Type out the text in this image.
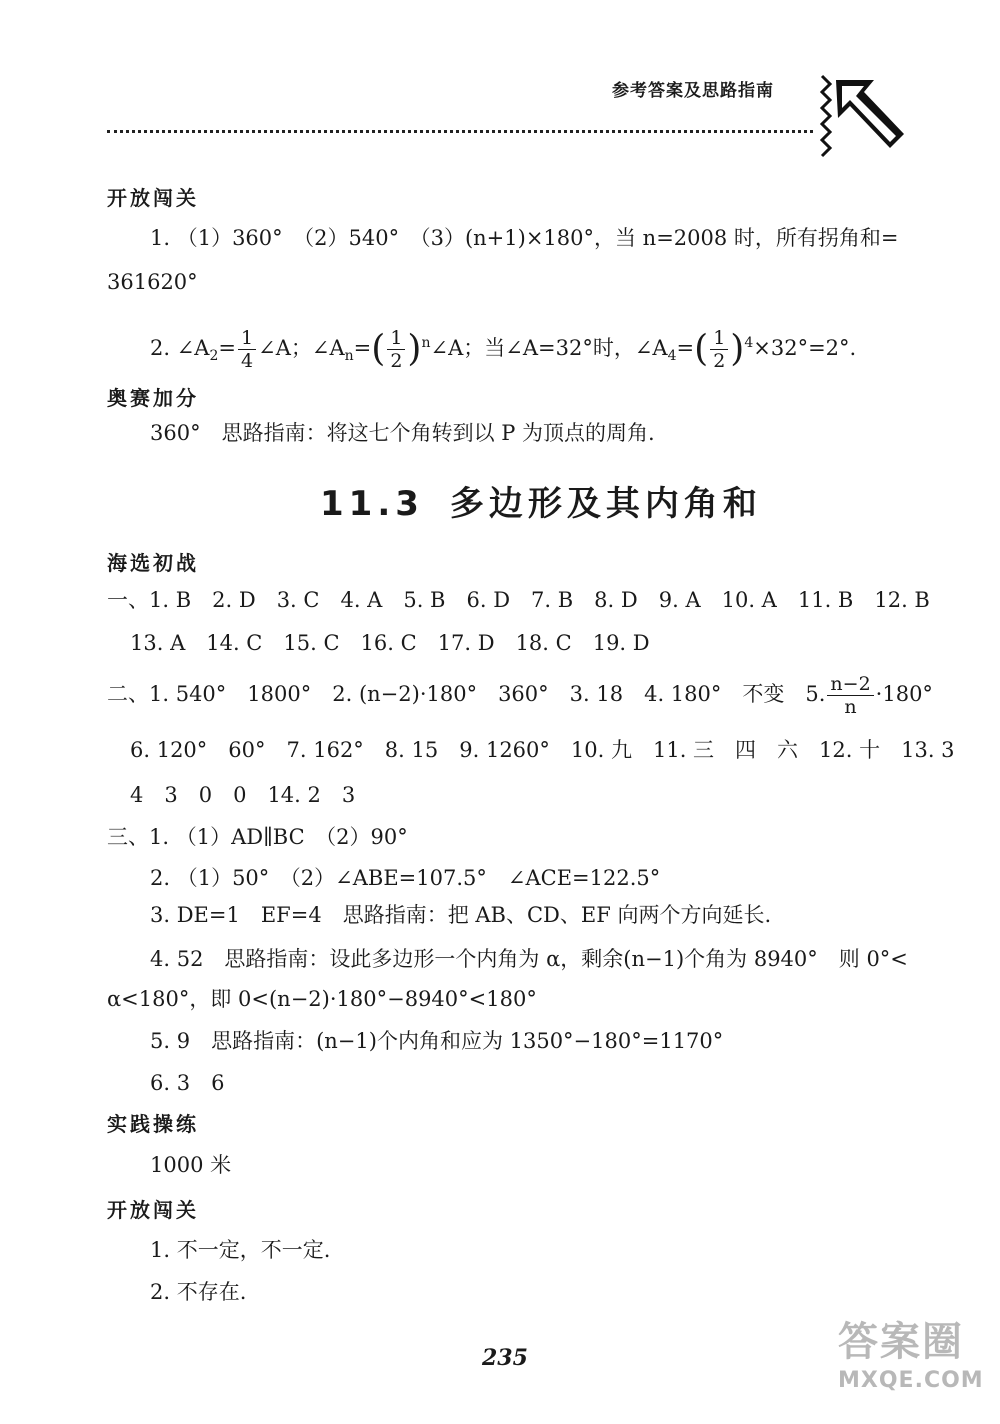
参考答案及思路指南
开放闯关
1. （1）360°　（2）540°　（3）(n+1)×180°，当 n=2008 时，所有拐角和=
361620°
2. $\angle A_2= \frac{1}{4}$ ∠A；$\angle A_n=( \frac{1}{2}$ )$^n$∠A；当∠A=32°时，$\angle A_4=( \frac{1}{2} )^4\times 32^\circ=2^\circ$.
奥赛加分
360°　思路指南：将这七个角转到以 P 为顶点的周角.
11.3 多边形及其内角和
海选初战
一、1. B　2. D　3. C　4. A　5. B　6. D　7. B　8. D　9. A　10. A　11. B　12. B
13. A　14. C　15. C　16. C　17. D　18. C　19. D
二、1. 540°　1800°　2. (n−2)·180°　360°　3. 18　4. 180°　不变　5. $\frac{n-2}{n} \cdot 180^\circ$
6. 120°　60°　7. 162°　8. 15　9. 1260°　10. 九　11. 三　四　六　12. 十　13. 3
4　3　0　0　14. 2　3
三、1. （1）AD∥BC　（2）90°
2. （1）50°　（2）∠ABE=107.5°　∠ACE=122.5°
3. DE=1　EF=4　思路指南：把 AB、CD、EF 向两个方向延长.
4. 52　思路指南：设此多边形一个内角为 α，剩余(n−1)个角为 8940°　则 0°<
α<180°，即 0<(n−2)·180°−8940°<180°
5. 9　思路指南：(n−1)个内角和应为 1350°−180°=1170°
6. 3　6
实践操练
1000 米
开放闯关
1. 不一定，不一定.
2. 不存在.
235	答案圈
MXQE.COM
